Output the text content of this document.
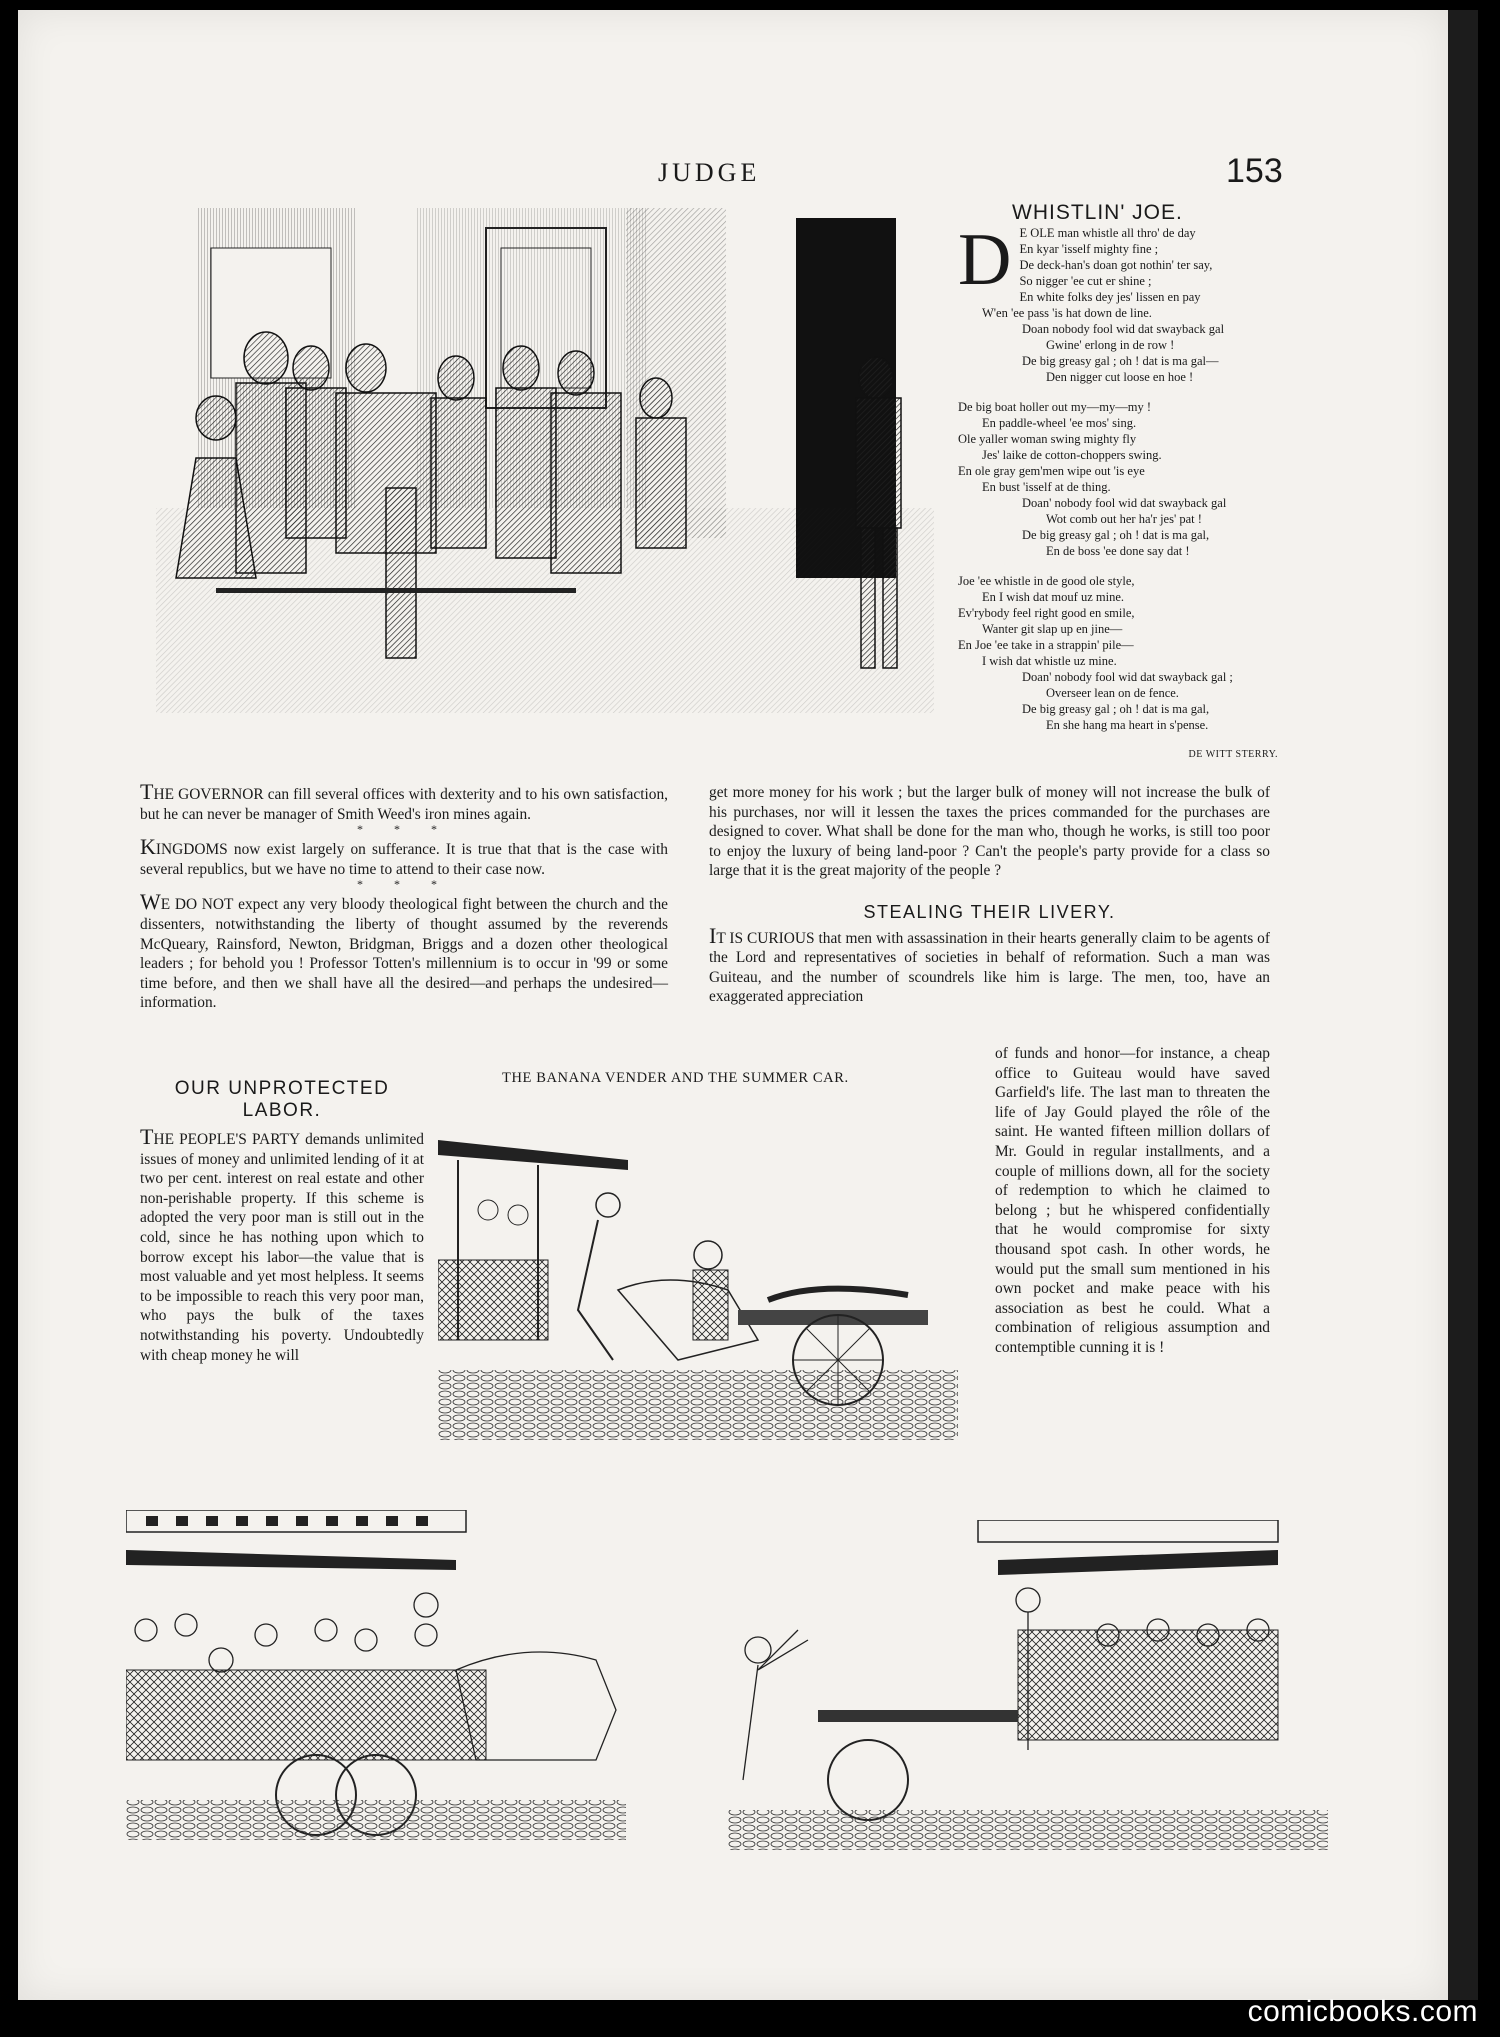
JUDGE	153
WHISTLIN' JOE.
D E OLE man whistle all thro' de day

En kyar 'isself mighty fine ;

De deck-han's doan got nothin' ter say,

So nigger 'ee cut er shine ;

En white folks dey jes' lissen en pay

W'en 'ee pass 'is hat down de line.

Doan nobody fool wid dat swayback gal

Gwine' erlong in de row !

De big greasy gal ; oh ! dat is ma gal—

Den nigger cut loose en hoe !

De big boat holler out my—my—my !

En paddle-wheel 'ee mos' sing.

Ole yaller woman swing mighty fly

Jes' laike de cotton-choppers swing.

En ole gray gem'men wipe out 'is eye

En bust 'isself at de thing.

Doan' nobody fool wid dat swayback gal

Wot comb out her ha'r jes' pat !

De big greasy gal ; oh ! dat is ma gal,

En de boss 'ee done say dat !

Joe 'ee whistle in de good ole style,

En I wish dat mouf uz mine.

Ev'rybody feel right good en smile,

Wanter git slap up en jine—

En Joe 'ee take in a strappin' pile—

I wish dat whistle uz mine.

Doan' nobody fool wid dat swayback gal ;

Overseer lean on de fence.

De big greasy gal ; oh ! dat is ma gal,

En she hang ma heart in s'pense.

DE WITT STERRY.

THE GOVERNOR can fill several offices with dexterity and to his own satisfaction, but he can never be manager of Smith Weed's iron mines again.

* * *

KINGDOMS now exist largely on sufferance. It is true that that is the case with several republics, but we have no time to attend to their case now.

* * *

WE DO NOT expect any very bloody theological fight between the church and the dissenters, notwithstanding the liberty of thought assumed by the reverends McQueary, Rainsford, Newton, Bridgman, Briggs and a dozen other theological leaders ; for behold you ! Professor Totten's millennium is to occur in '99 or some time before, and then we shall have all the desired—and perhaps the undesired—information.

get more money for his work ; but the larger bulk of money will not increase the bulk of his purchases, nor will it lessen the taxes the prices commanded for the purchases are designed to cover. What shall be done for the man who, though he works, is still too poor to enjoy the luxury of being land-poor ? Can't the people's party provide for a class so large that it is the great majority of the people ?

STEALING THEIR LIVERY.

IT IS CURIOUS that men with assassination in their hearts generally claim to be agents of the Lord and representatives of societies in behalf of reformation. Such a man was Guiteau, and the number of scoundrels like him is large. The men, too, have an exaggerated appreciation

of funds and honor—for instance, a cheap office to Guiteau would have saved Garfield's life. The last man to threaten the life of Jay Gould played the rôle of the saint. He wanted fifteen million dollars of Mr. Gould in regular installments, and a couple of millions down, all for the society of redemption to which he claimed to belong ; but he whispered confidentially that he would compromise for sixty thousand spot cash. In other words, he would put the small sum mentioned in his own pocket and make peace with his association as best he could. What a combination of religious assumption and contemptible cunning it is !

OUR UNPROTECTED
LABOR.

THE PEOPLE'S PARTY demands unlimited issues of money and unlimited lending of it at two per cent. interest on real estate and other non-perishable property. If this scheme is adopted the very poor man is still out in the cold, since he has nothing upon which to borrow except his labor—the value that is most valuable and yet most helpless. It seems to be impossible to reach this very poor man, who pays the bulk of the taxes notwithstanding his poverty. Undoubtedly with cheap money he will

THE BANANA VENDER AND THE SUMMER CAR.
comicbooks.com
